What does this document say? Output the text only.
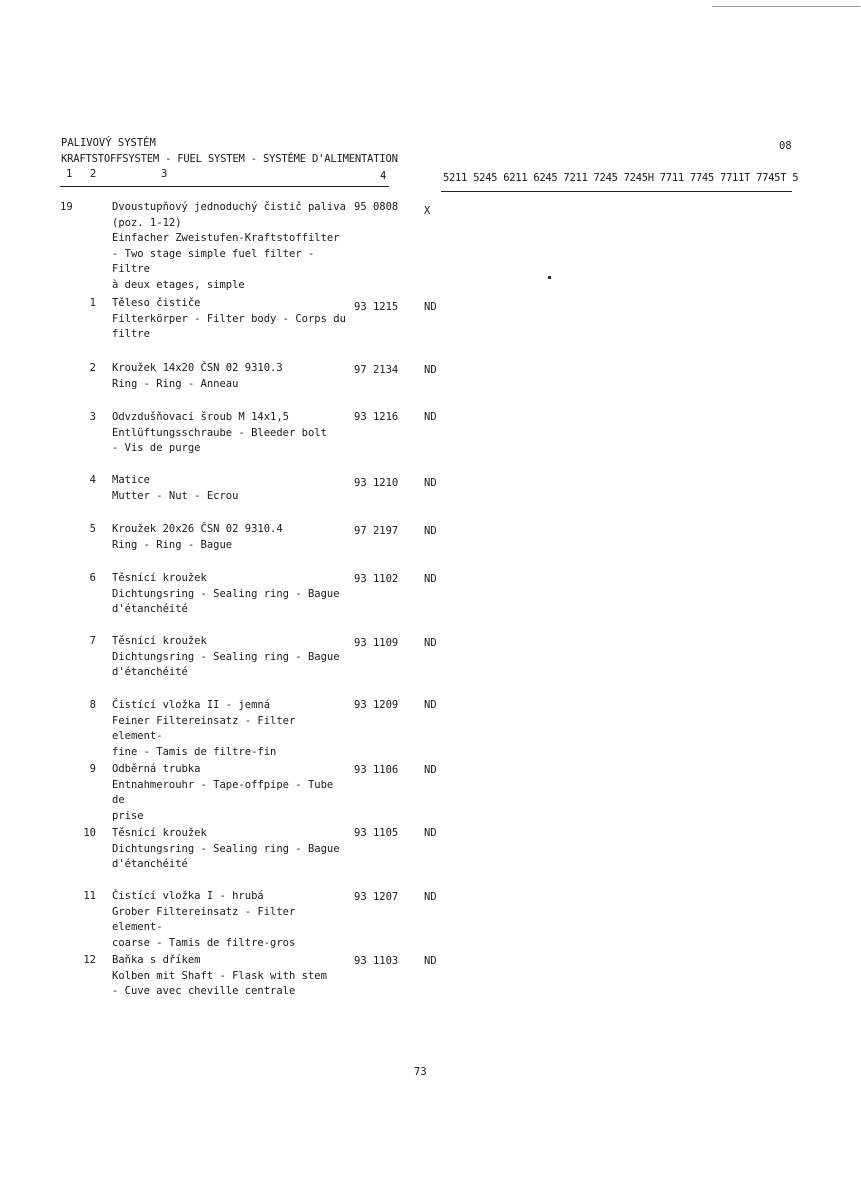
PALIVOVÝ SYSTÉM
KRAFTSTOFFSYSTEM - FUEL SYSTEM - SYSTÉME D'ALIMENTATION
08
1 2	3	4	5211 5245 6211 6245 7211 7245 7245H 7711 7745 7711T 7745T 5
19	Dvoustupňový jednoduchý čistič paliva
(poz. 1-12)
Einfacher Zweistufen-Kraftstoffilter
- Two stage simple fuel filter - Filtre
à deux etages, simple
95 0808 X
1 Těleso čističe
Filterkörper - Filter body - Corps du
filtre
93 1215 ND
2 Kroužek 14x20 ČSN 02 9310.3
Ring - Ring - Anneau
97 2134 ND
3 Odvzdušňovací šroub M 14x1,5
Entlüftungsschraube - Bleeder bolt
- Vis de purge
93 1216 ND
4 Matice
Mutter - Nut - Ecrou
93 1210 ND
5 Kroužek 20x26 ČSN 02 9310.4
Ring - Ring - Bague
97 2197 ND
6 Těsnící kroužek
Dichtungsring - Sealing ring - Bague
d'étanchéité
93 1102 ND
7 Těsnící kroužek
Dichtungsring - Sealing ring - Bague
d'étanchéité
93 1109 ND
8 Čistící vložka II - jemná
Feiner Filtereinsatz - Filter element-
fine - Tamis de filtre-fin
93 1209 ND
9 Odběrná trubka
Entnahmerouhr - Tape-offpipe - Tube de
prise
93 1106 ND
10 Těsnící kroužek
Dichtungsring - Sealing ring - Bague
d'étanchéité
93 1105 ND
11 Čistící vložka I - hrubá
Grober Filtereinsatz - Filter element-
coarse - Tamis de filtre-gros
93 1207 ND
12 Baňka s dříkem
Kolben mit Shaft - Flask with stem
- Cuve avec cheville centrale
93 1103 ND
73
